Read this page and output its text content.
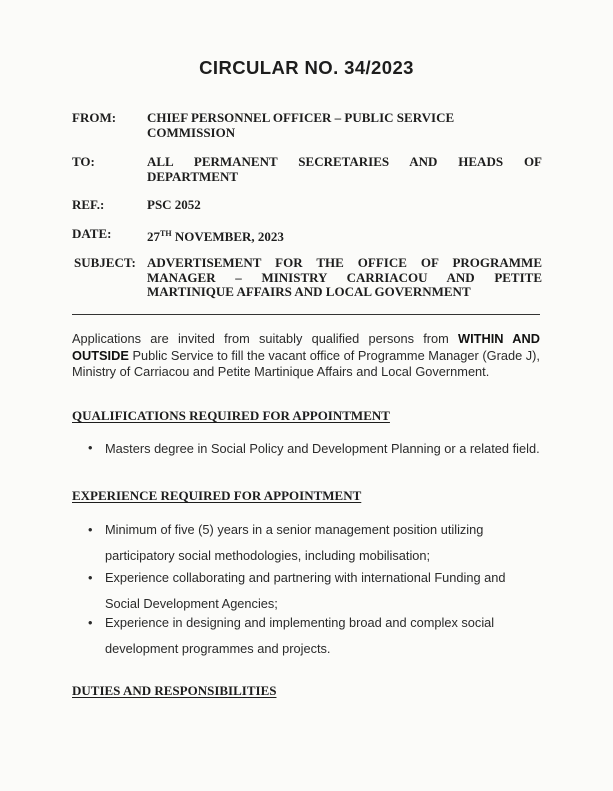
CIRCULAR NO. 34/2023
FROM: CHIEF PERSONNEL OFFICER – PUBLIC SERVICE COMMISSION
TO:	ALL PERMANENT SECRETARIES AND HEADS OF
DEPARTMENT
REF.:	PSC 2052
DATE:	27TH NOVEMBER, 2023
SUBJECT: ADVERTISEMENT FOR THE OFFICE OF PROGRAMME
MANAGER – MINISTRY CARRIACOU AND PETITE
MARTINIQUE AFFAIRS AND LOCAL GOVERNMENT
Applications are invited from suitably qualified persons from WITHIN AND OUTSIDE Public Service to fill the vacant office of Programme Manager (Grade J), Ministry of Carriacou and Petite Martinique Affairs and Local Government.
QUALIFICATIONS REQUIRED FOR APPOINTMENT
• Masters degree in Social Policy and Development Planning or a related field.
EXPERIENCE REQUIRED FOR APPOINTMENT
• Minimum of five (5) years in a senior management position utilizing participatory social methodologies, including mobilisation;
• Experience collaborating and partnering with international Funding and Social Development Agencies;
• Experience in designing and implementing broad and complex social development programmes and projects.
DUTIES AND RESPONSIBILITIES
